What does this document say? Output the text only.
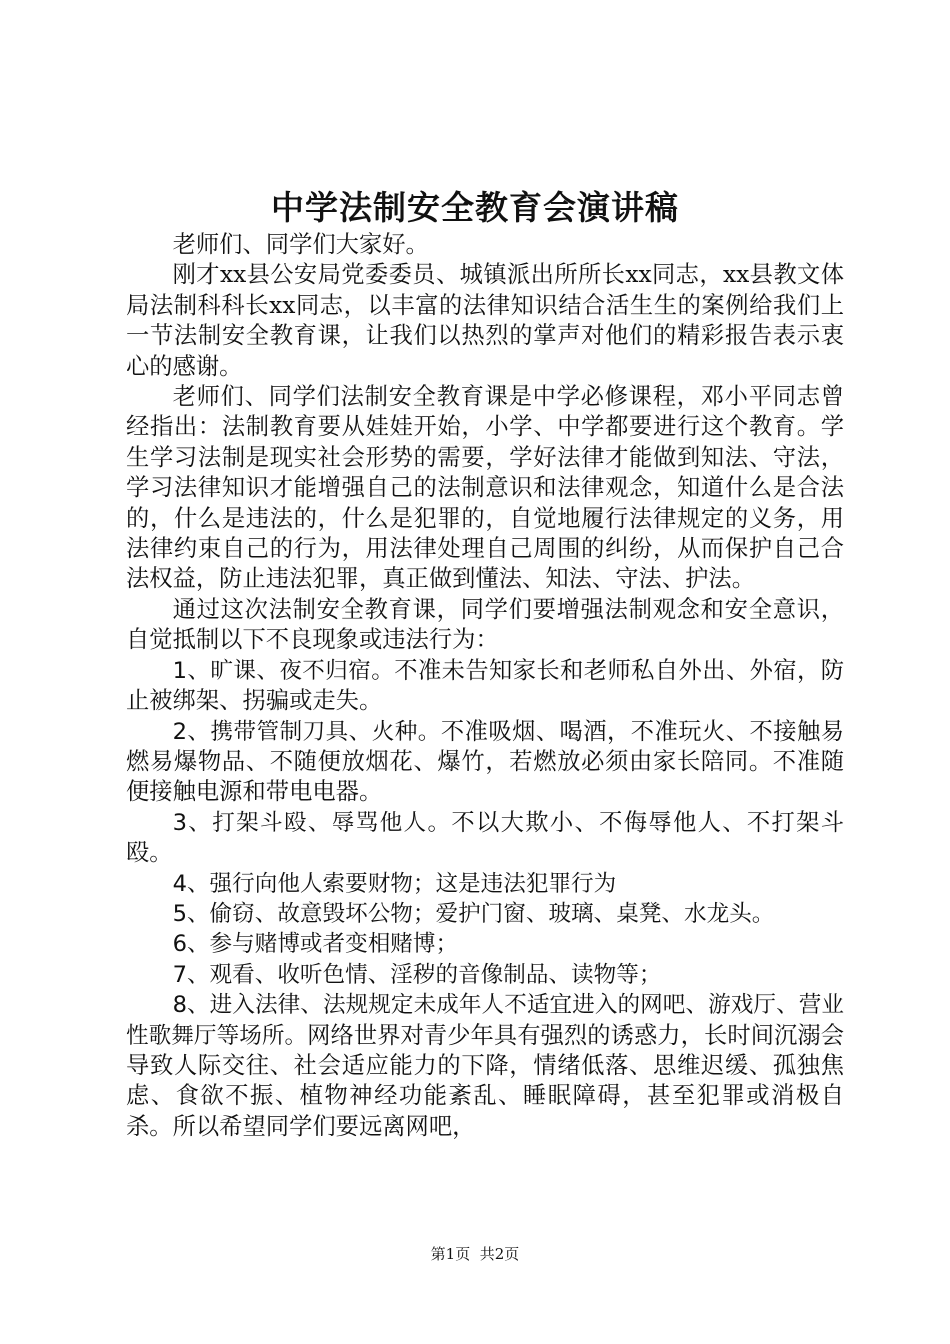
中学法制安全教育会演讲稿

老师们、同学们大家好。

刚才xx县公安局党委委员、城镇派出所所长xx同志，xx县教文体局法制科科长xx同志，以丰富的法律知识结合活生生的案例给我们上一节法制安全教育课，让我们以热烈的掌声对他们的精彩报告表示衷心的感谢。

老师们、同学们法制安全教育课是中学必修课程，邓小平同志曾经指出：法制教育要从娃娃开始，小学、中学都要进行这个教育。学生学习法制是现实社会形势的需要，学好法律才能做到知法、守法，学习法律知识才能增强自己的法制意识和法律观念，知道什么是合法的，什么是违法的，什么是犯罪的，自觉地履行法律规定的义务，用法律约束自己的行为，用法律处理自己周围的纠纷，从而保护自己合法权益，防止违法犯罪，真正做到懂法、知法、守法、护法。

通过这次法制安全教育课，同学们要增强法制观念和安全意识，自觉抵制以下不良现象或违法行为：

1、旷课、夜不归宿。不准未告知家长和老师私自外出、外宿，防止被绑架、拐骗或走失。

2、携带管制刀具、火种。不准吸烟、喝酒，不准玩火、不接触易燃易爆物品、不随便放烟花、爆竹，若燃放必须由家长陪同。不准随便接触电源和带电电器。

3、打架斗殴、辱骂他人。不以大欺小、不侮辱他人、不打架斗殴。

4、强行向他人索要财物；这是违法犯罪行为

5、偷窃、故意毁坏公物；爱护门窗、玻璃、桌凳、水龙头。

6、参与赌博或者变相赌博；

7、观看、收听色情、淫秽的音像制品、读物等；

8、进入法律、法规规定未成年人不适宜进入的网吧、游戏厅、营业性歌舞厅等场所。网络世界对青少年具有强烈的诱惑力，长时间沉溺会导致人际交往、社会适应能力的下降，情绪低落、思维迟缓、孤独焦虑、食欲不振、植物神经功能紊乱、睡眠障碍，甚至犯罪或消极自杀。所以希望同学们要远离网吧，

第1页 共2页
